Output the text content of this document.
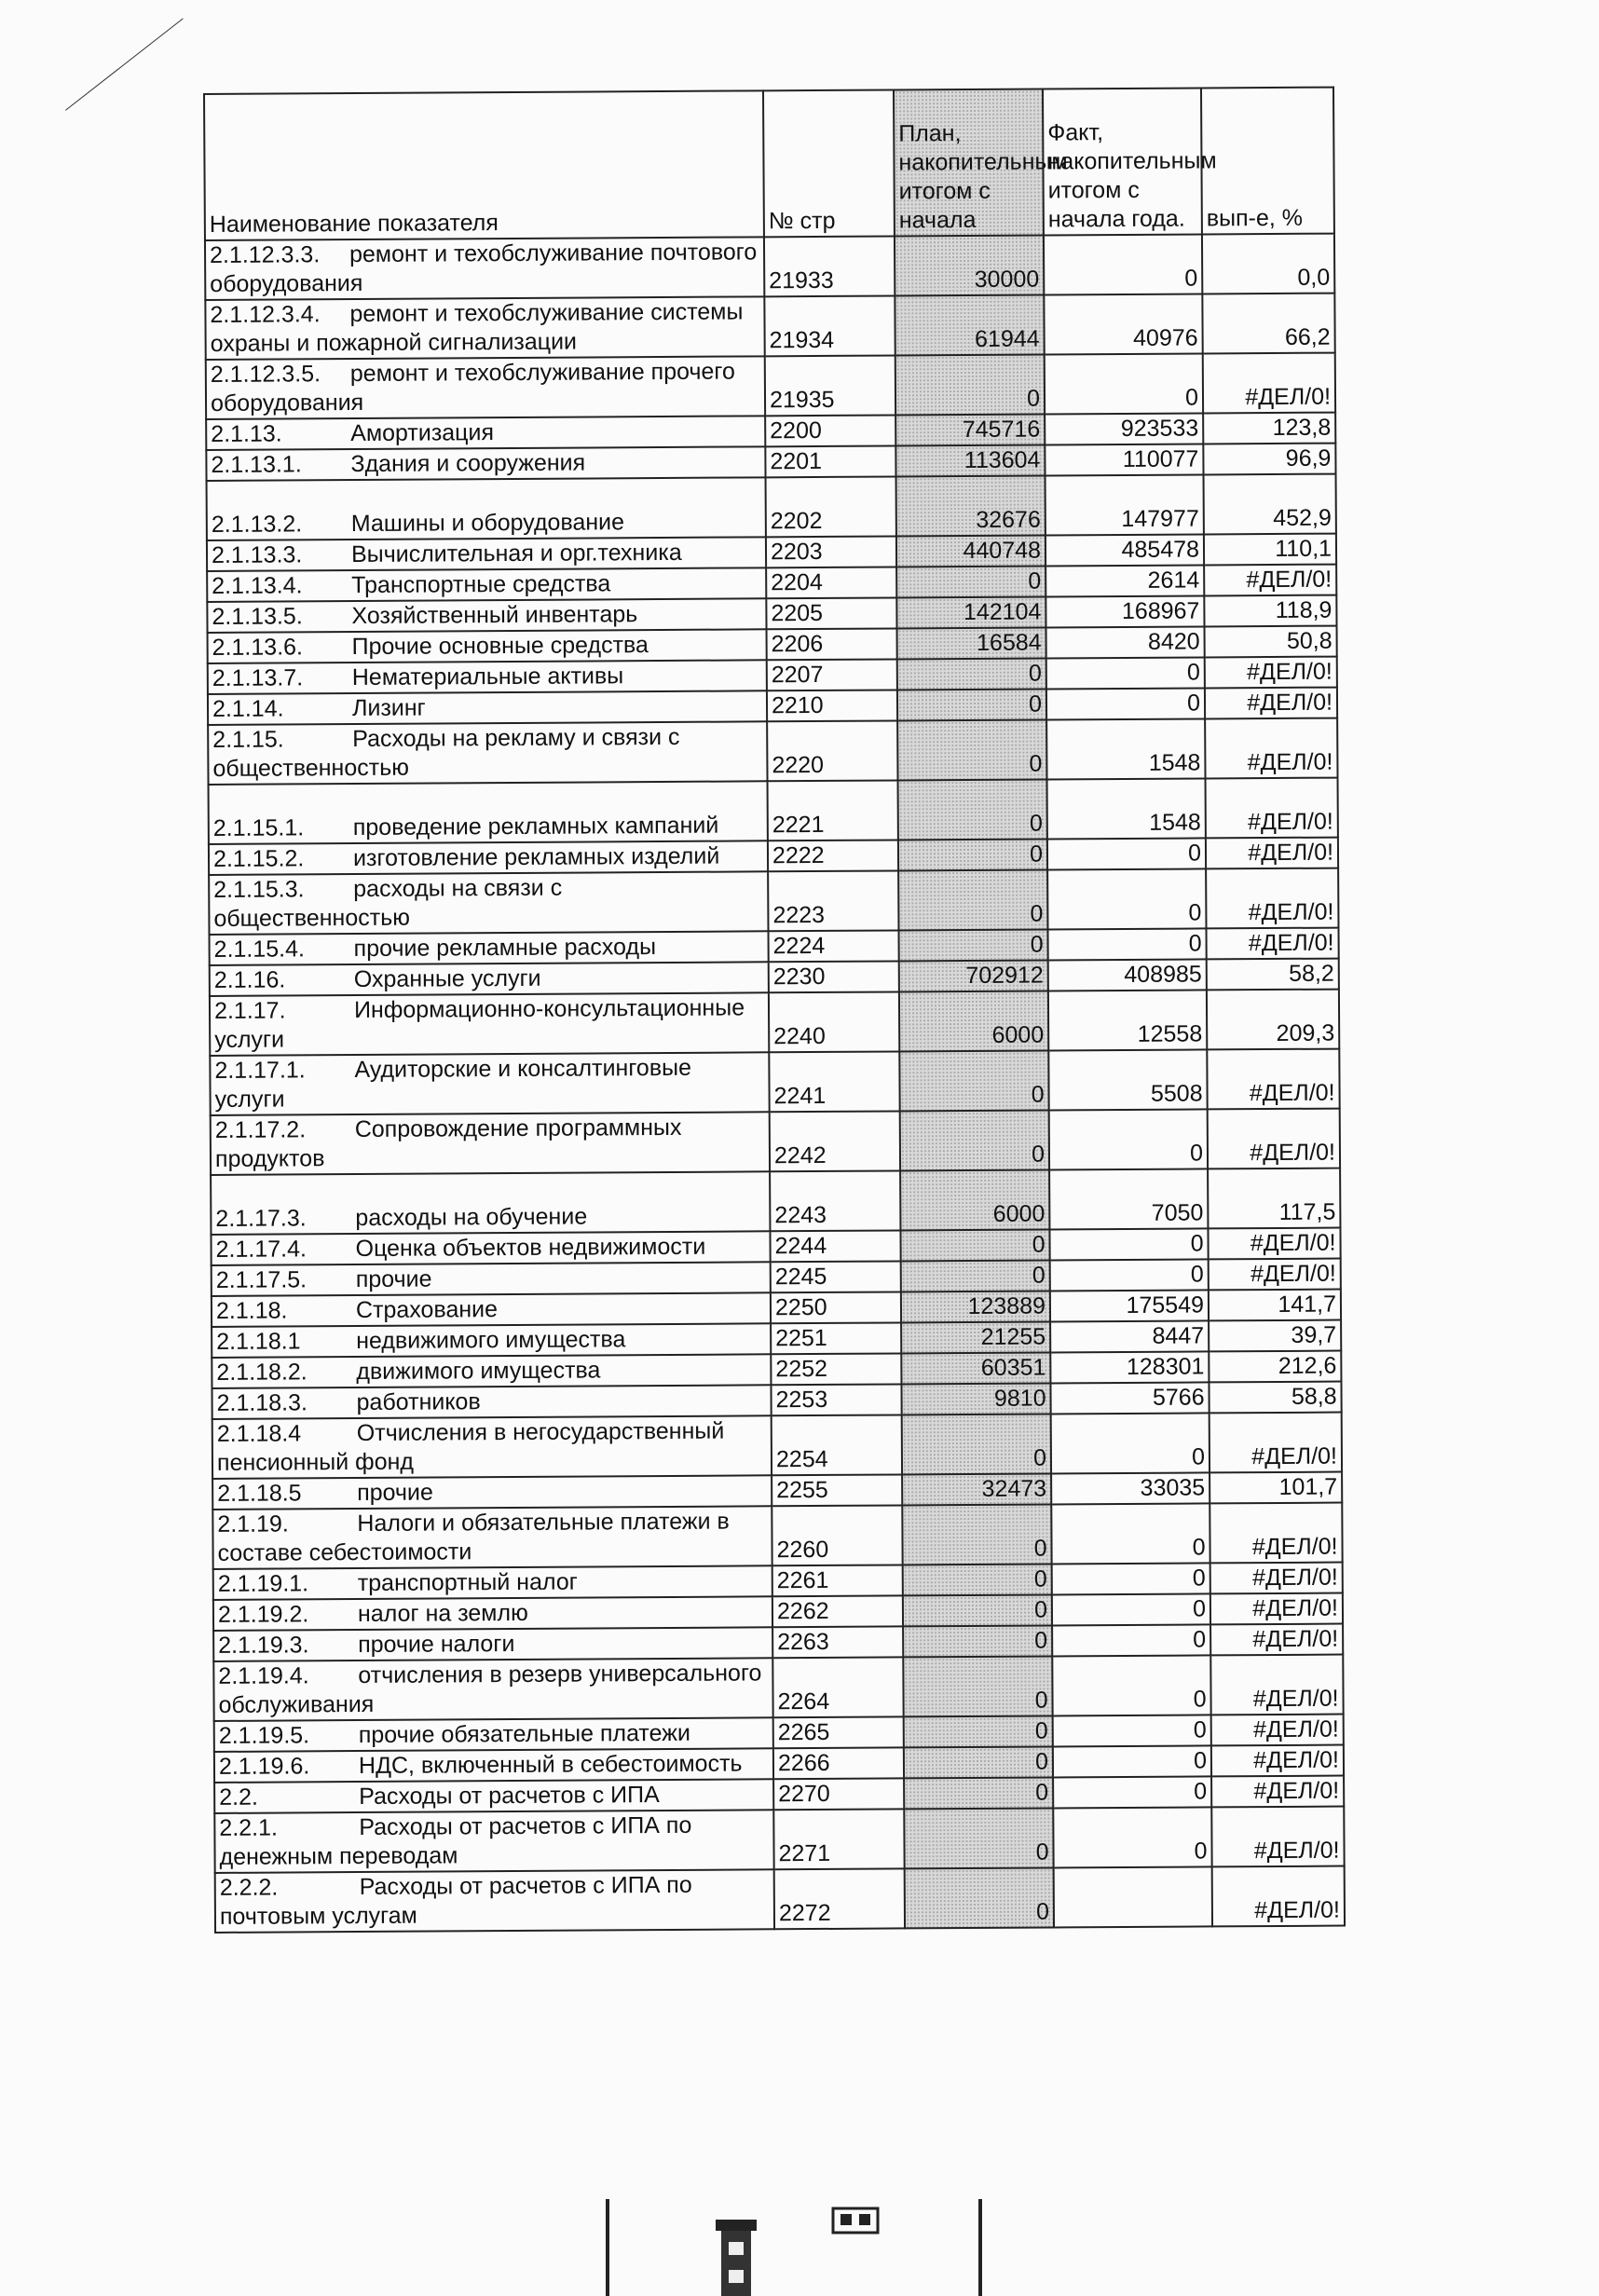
Наименование показателя	№ стр	План, накопительным итогом с начала	Факт, накопительным итогом с начала года.	вып-е, %
2.1.12.3.3. ремонт и техобслуживание почтового оборудования	21933	30000	0	0,0
2.1.12.3.4. ремонт и техобслуживание системы охраны и пожарной сигнализации	21934	61944	40976	66,2
2.1.12.3.5. ремонт и техобслуживание прочего оборудования	21935	0	0	#ДЕЛ/0!
2.1.13. Амортизация	2200	745716	923533	123,8
2.1.13.1. Здания и сооружения	2201	113604	110077	96,9
2.1.13.2. Машины и оборудование	2202	32676	147977	452,9
2.1.13.3. Вычислительная и орг.техника	2203	440748	485478	110,1
2.1.13.4. Транспортные средства	2204	0	2614	#ДЕЛ/0!
2.1.13.5. Хозяйственный инвентарь	2205	142104	168967	118,9
2.1.13.6. Прочие основные средства	2206	16584	8420	50,8
2.1.13.7. Нематериальные активы	2207	0	0	#ДЕЛ/0!
2.1.14. Лизинг	2210	0	0	#ДЕЛ/0!
2.1.15. Расходы на рекламу и связи с общественностью	2220	0	1548	#ДЕЛ/0!
2.1.15.1. проведение рекламных кампаний	2221	0	1548	#ДЕЛ/0!
2.1.15.2. изготовление рекламных изделий	2222	0	0	#ДЕЛ/0!
2.1.15.3. расходы на связи с общественностью	2223	0	0	#ДЕЛ/0!
2.1.15.4. прочие рекламные расходы	2224	0	0	#ДЕЛ/0!
2.1.16. Охранные услуги	2230	702912	408985	58,2
2.1.17. Информационно-консультационные услуги	2240	6000	12558	209,3
2.1.17.1. Аудиторские и консалтинговые услуги	2241	0	5508	#ДЕЛ/0!
2.1.17.2. Сопровождение программных продуктов	2242	0	0	#ДЕЛ/0!
2.1.17.3. расходы на обучение	2243	6000	7050	117,5
2.1.17.4. Оценка объектов недвижимости	2244	0	0	#ДЕЛ/0!
2.1.17.5. прочие	2245	0	0	#ДЕЛ/0!
2.1.18. Страхование	2250	123889	175549	141,7
2.1.18.1 недвижимого имущества	2251	21255	8447	39,7
2.1.18.2. движимого имущества	2252	60351	128301	212,6
2.1.18.3. работников	2253	9810	5766	58,8
2.1.18.4 Отчисления в негосударственный пенсионный фонд	2254	0	0	#ДЕЛ/0!
2.1.18.5 прочие	2255	32473	33035	101,7
2.1.19. Налоги и обязательные платежи в составе себестоимости	2260	0	0	#ДЕЛ/0!
2.1.19.1. транспортный налог	2261	0	0	#ДЕЛ/0!
2.1.19.2. налог на землю	2262	0	0	#ДЕЛ/0!
2.1.19.3. прочие налоги	2263	0	0	#ДЕЛ/0!
2.1.19.4. отчисления в резерв универсального обслуживания	2264	0	0	#ДЕЛ/0!
2.1.19.5. прочие обязательные платежи	2265	0	0	#ДЕЛ/0!
2.1.19.6. НДС, включенный в себестоимость	2266	0	0	#ДЕЛ/0!
2.2. Расходы от расчетов с ИПА	2270	0	0	#ДЕЛ/0!
2.2.1. Расходы от расчетов с ИПА по денежным переводам	2271	0	0	#ДЕЛ/0!
2.2.2. Расходы от расчетов с ИПА по почтовым услугам	2272	0		#ДЕЛ/0!
